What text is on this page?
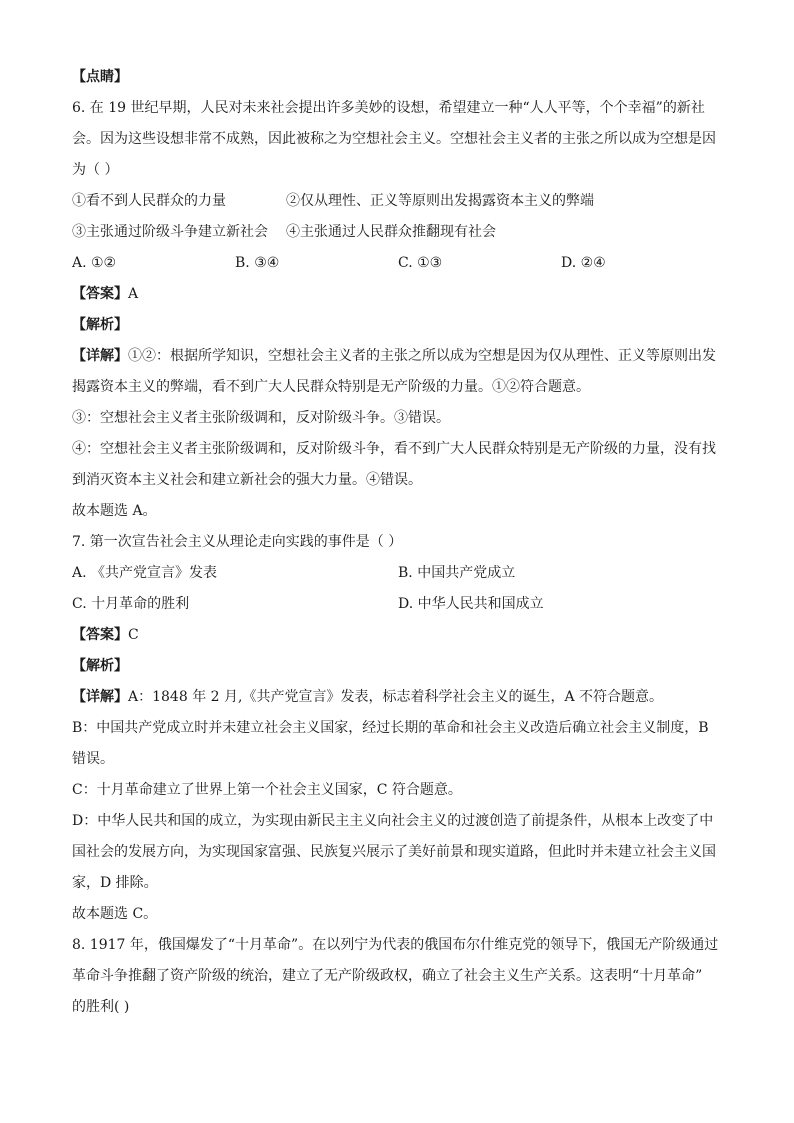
【点睛】
6. 在 19 世纪早期，人民对未来社会提出许多美妙的设想，希望建立一种“人人平等，个个幸福”的新社
会。因为这些设想非常不成熟，因此被称之为空想社会主义。空想社会主义者的主张之所以成为空想是因
为（ ）
①看不到人民群众的力量	②仅从理性、正义等原则出发揭露资本主义的弊端
③主张通过阶级斗争建立新社会	④主张通过人民群众推翻现有社会
A. ①②	B. ③④	C. ①③	D. ②④
【答案】A
【解析】
【详解】①②：根据所学知识，空想社会主义者的主张之所以成为空想是因为仅从理性、正义等原则出发
揭露资本主义的弊端，看不到广大人民群众特别是无产阶级的力量。①②符合题意。
③：空想社会主义者主张阶级调和，反对阶级斗争。③错误。
④：空想社会主义者主张阶级调和，反对阶级斗争，看不到广大人民群众特别是无产阶级的力量，没有找
到消灭资本主义社会和建立新社会的强大力量。④错误。
故本题选 A。
7. 第一次宣告社会主义从理论走向实践的事件是（ ）
A. 《共产党宣言》发表	B. 中国共产党成立
C. 十月革命的胜利	D. 中华人民共和国成立
【答案】C
【解析】
【详解】A：1848 年 2 月,《共产党宣言》发表，标志着科学社会主义的诞生，A 不符合题意。
B：中国共产党成立时并未建立社会主义国家，经过长期的革命和社会主义改造后确立社会主义制度，B
错误。
C：十月革命建立了世界上第一个社会主义国家，C 符合题意。
D：中华人民共和国的成立，为实现由新民主主义向社会主义的过渡创造了前提条件，从根本上改变了中
国社会的发展方向，为实现国家富强、民族复兴展示了美好前景和现实道路，但此时并未建立社会主义国
家，D 排除。
故本题选 C。
8. 1917 年，俄国爆发了“十月革命”。在以列宁为代表的俄国布尔什维克党的领导下，俄国无产阶级通过
革命斗争推翻了资产阶级的统治，建立了无产阶级政权，确立了社会主义生产关系。这表明“十月革命”
的胜利( )
